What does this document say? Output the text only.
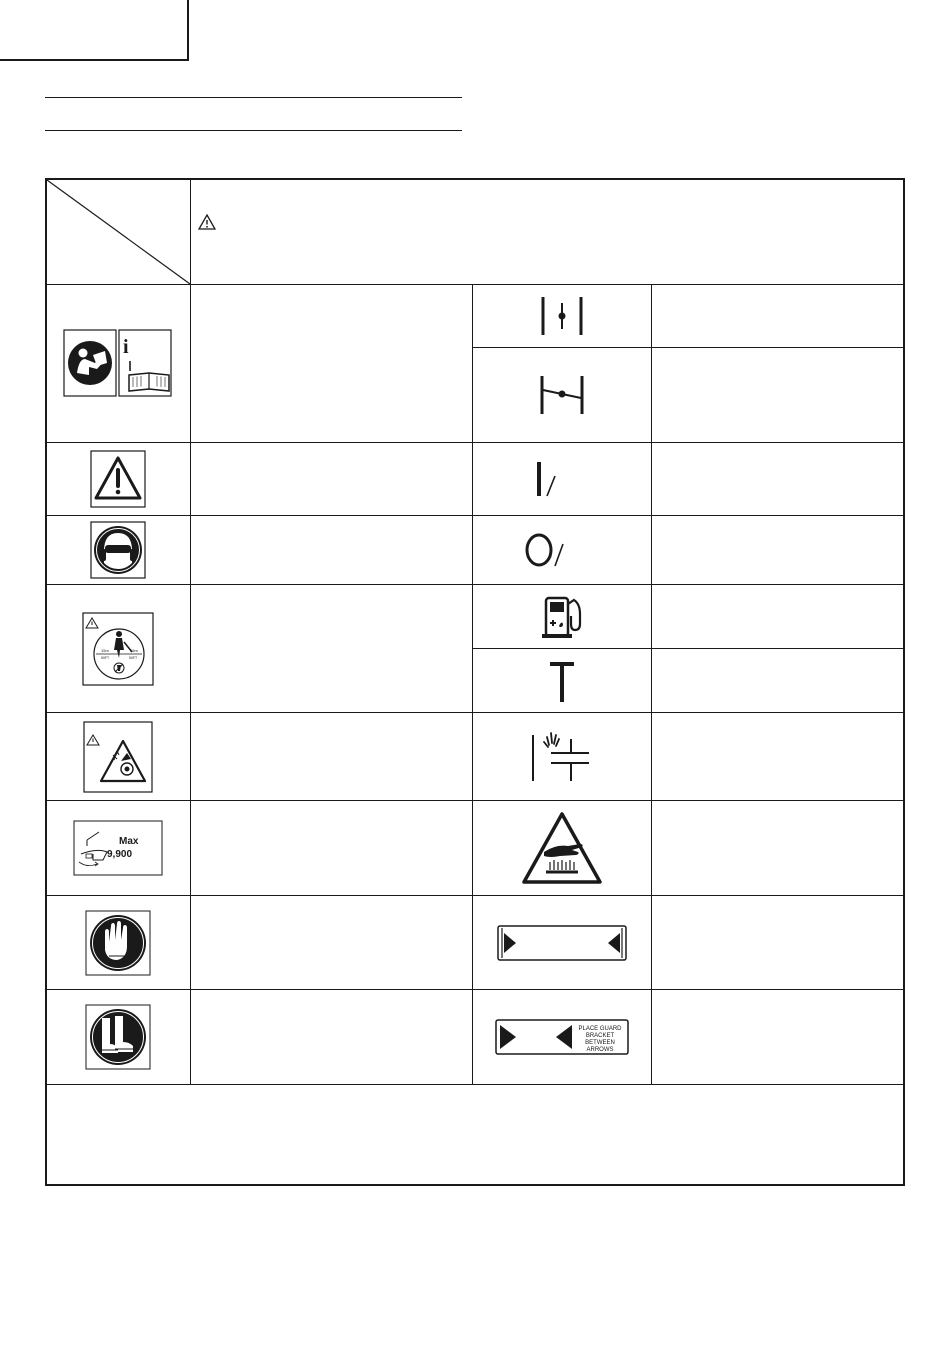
i
15m	15m
50FT	50FT
Max
9,900
PLACE GUARD
BRACKET
BETWEEN
ARROWS
